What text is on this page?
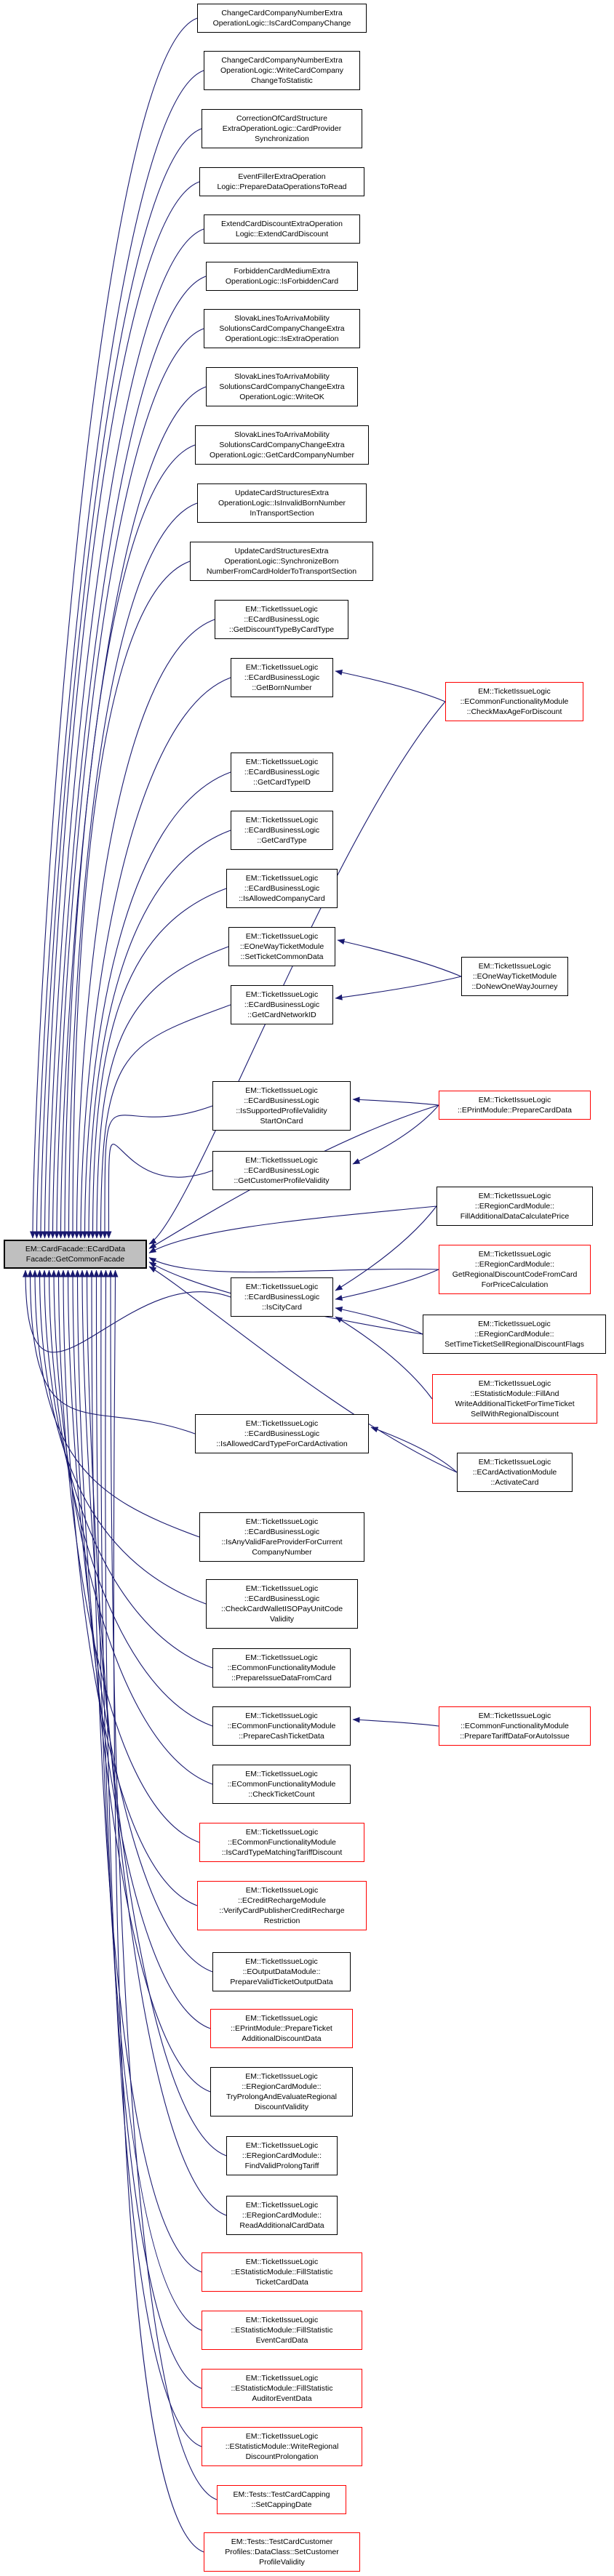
EM::CardFacade::ECardData
Facade::GetCommonFacade
ChangeCardCompanyNumberExtra
OperationLogic::IsCardCompanyChange
ChangeCardCompanyNumberExtra
OperationLogic::WriteCardCompany
ChangeToStatistic
CorrectionOfCardStructure
ExtraOperationLogic::CardProvider
Synchronization
EventFillerExtraOperation
Logic::PrepareDataOperationsToRead
ExtendCardDiscountExtraOperation
Logic::ExtendCardDiscount
ForbiddenCardMediumExtra
OperationLogic::IsForbiddenCard
SlovakLinesToArrivaMobility
SolutionsCardCompanyChangeExtra
OperationLogic::IsExtraOperation
SlovakLinesToArrivaMobility
SolutionsCardCompanyChangeExtra
OperationLogic::WriteOK
SlovakLinesToArrivaMobility
SolutionsCardCompanyChangeExtra
OperationLogic::GetCardCompanyNumber
UpdateCardStructuresExtra
OperationLogic::IsInvalidBornNumber
InTransportSection
UpdateCardStructuresExtra
OperationLogic::SynchronizeBorn
NumberFromCardHolderToTransportSection
EM::TicketIssueLogic
::ECardBusinessLogic
::GetDiscountTypeByCardType
EM::TicketIssueLogic
::ECardBusinessLogic
::GetBornNumber
EM::TicketIssueLogic
::ECardBusinessLogic
::GetCardTypeID
EM::TicketIssueLogic
::ECardBusinessLogic
::GetCardType
EM::TicketIssueLogic
::ECardBusinessLogic
::IsAllowedCompanyCard
EM::TicketIssueLogic
::EOneWayTicketModule
::SetTicketCommonData
EM::TicketIssueLogic
::ECardBusinessLogic
::GetCardNetworkID
EM::TicketIssueLogic
::ECardBusinessLogic
::IsSupportedProfileValidity
StartOnCard
EM::TicketIssueLogic
::ECardBusinessLogic
::GetCustomerProfileValidity
EM::TicketIssueLogic
::ECardBusinessLogic
::IsCityCard
EM::TicketIssueLogic
::ECardBusinessLogic
::IsAllowedCardTypeForCardActivation
EM::TicketIssueLogic
::ECardBusinessLogic
::IsAnyValidFareProviderForCurrent
CompanyNumber
EM::TicketIssueLogic
::ECardBusinessLogic
::CheckCardWalletISOPayUnitCode
Validity
EM::TicketIssueLogic
::ECommonFunctionalityModule
::PrepareIssueDataFromCard
EM::TicketIssueLogic
::ECommonFunctionalityModule
::PrepareCashTicketData
EM::TicketIssueLogic
::ECommonFunctionalityModule
::CheckTicketCount
EM::TicketIssueLogic
::ECommonFunctionalityModule
::IsCardTypeMatchingTariffDiscount
EM::TicketIssueLogic
::ECreditRechargeModule
::VerifyCardPublisherCreditRecharge
Restriction
EM::TicketIssueLogic
::EOutputDataModule::
PrepareValidTicketOutputData
EM::TicketIssueLogic
::EPrintModule::PrepareTicket
AdditionalDiscountData
EM::TicketIssueLogic
::ERegionCardModule::
TryProlongAndEvaluateRegional
DiscountValidity
EM::TicketIssueLogic
::ERegionCardModule::
FindValidProlongTariff
EM::TicketIssueLogic
::ERegionCardModule::
ReadAdditionalCardData
EM::TicketIssueLogic
::EStatisticModule::FillStatistic
TicketCardData
EM::TicketIssueLogic
::EStatisticModule::FillStatistic
EventCardData
EM::TicketIssueLogic
::EStatisticModule::FillStatistic
AuditorEventData
EM::TicketIssueLogic
::EStatisticModule::WriteRegional
DiscountProlongation
EM::Tests::TestCardCapping
::SetCappingDate
EM::Tests::TestCardCustomer
Profiles::DataClass::SetCustomer
ProfileValidity
EM::TicketIssueLogic
::ECommonFunctionalityModule
::CheckMaxAgeForDiscount
EM::TicketIssueLogic
::EOneWayTicketModule
::DoNewOneWayJourney
EM::TicketIssueLogic
::EPrintModule::PrepareCardData
EM::TicketIssueLogic
::ERegionCardModule::
FillAdditionalDataCalculatePrice
EM::TicketIssueLogic
::ERegionCardModule::
GetRegionalDiscountCodeFromCard
ForPriceCalculation
EM::TicketIssueLogic
::ERegionCardModule::
SetTimeTicketSellRegionalDiscountFlags
EM::TicketIssueLogic
::EStatisticModule::FillAnd
WriteAdditionalTicketForTimeTicket
SellWithRegionalDiscount
EM::TicketIssueLogic
::ECardActivationModule
::ActivateCard
EM::TicketIssueLogic
::ECommonFunctionalityModule
::PrepareTariffDataForAutoIssue
